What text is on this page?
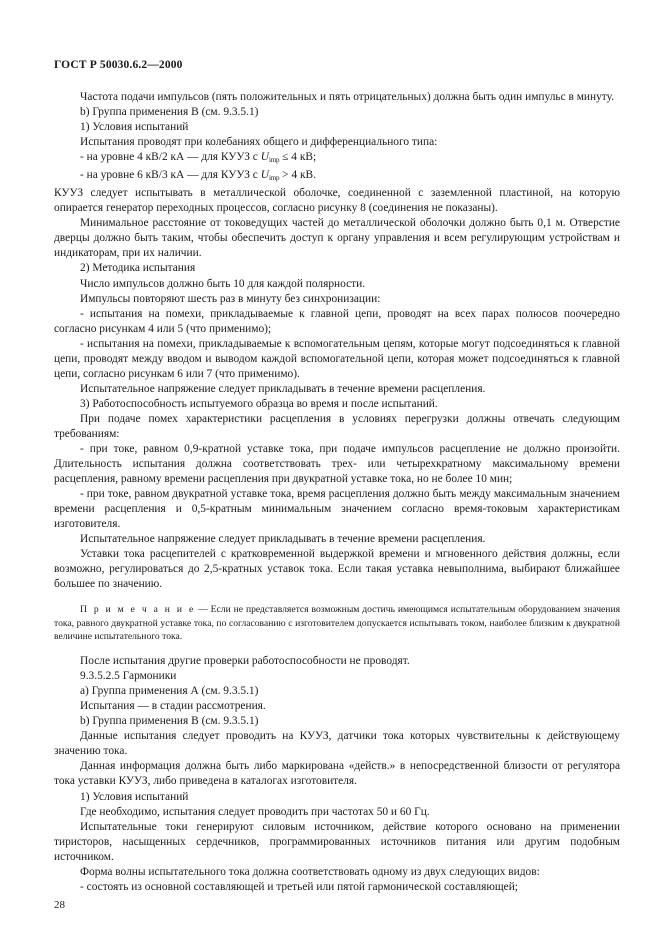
ГОСТ Р 50030.6.2—2000

Частота подачи импульсов (пять положительных и пять отрицательных) должна быть один импульс в минуту.

b) Группа применения В (см. 9.3.5.1)

1) Условия испытаний

Испытания проводят при колебаниях общего и дифференциального типа:

- на уровне 4 кВ/2 кА — для КУУЗ с $U_{imp} \le 4$ кВ;

- на уровне 6 кВ/3 кА — для КУУЗ с $U_{imp} > 4$ кВ.

КУУЗ следует испытывать в металлической оболочке, соединенной с заземленной пластиной, на которую опирается генератор переходных процессов, согласно рисунку 8 (соединения не показаны).

Минимальное расстояние от токоведущих частей до металлической оболочки должно быть 0,1 м. Отверстие дверцы должно быть таким, чтобы обеспечить доступ к органу управления и всем регулирующим устройствам и индикаторам, при их наличии.

2) Методика испытания

Число импульсов должно быть 10 для каждой полярности.

Импульсы повторяют шесть раз в минуту без синхронизации:

- испытания на помехи, прикладываемые к главной цепи, проводят на всех парах полюсов поочередно согласно рисункам 4 или 5 (что применимо);

- испытания на помехи, прикладываемые к вспомогательным цепям, которые могут подсоединяться к главной цепи, проводят между вводом и выводом каждой вспомогательной цепи, которая может подсоединяться к главной цепи, согласно рисункам 6 или 7 (что применимо).

Испытательное напряжение следует прикладывать в течение времени расцепления.

3) Работоспособность испытуемого образца во время и после испытаний.

При подаче помех характеристики расцепления в условиях перегрузки должны отвечать следующим требованиям:

- при токе, равном 0,9-кратной уставке тока, при подаче импульсов расцепление не должно произойти. Длительность испытания должна соответствовать трех- или четырехкратному максимальному времени расцепления, равному времени расцепления при двукратной уставке тока, но не более 10 мин;

- при токе, равном двукратной уставке тока, время расцепления должно быть между максимальным значением времени расцепления и 0,5-кратным минимальным значением согласно время-токовым характеристикам изготовителя.

Испытательное напряжение следует прикладывать в течение времени расцепления.

Уставки тока расцепителей с кратковременной выдержкой времени и мгновенного действия должны, если возможно, регулироваться до 2,5-кратных уставок тока. Если такая уставка невыполнима, выбирают ближайшее большее по значению.

П р и м е ч а н и е — Если не представляется возможным достичь имеющимся испытательным оборудованием значения тока, равного двукратной уставке тока, по согласованию с изготовителем допускается испытывать током, наиболее близким к двукратной величине испытательного тока.

После испытания другие проверки работоспособности не проводят.

9.3.5.2.5 Гармоники

a) Группа применения А (см. 9.3.5.1)

Испытания — в стадии рассмотрения.

b) Группа применения В (см. 9.3.5.1)

Данные испытания следует проводить на КУУЗ, датчики тока которых чувствительны к действующему значению тока.

Данная информация должна быть либо маркирована «действ.» в непосредственной близости от регулятора тока уставки КУУЗ, либо приведена в каталогах изготовителя.

1) Условия испытаний

Где необходимо, испытания следует проводить при частотах 50 и 60 Гц.

Испытательные токи генерируют силовым источником, действие которого основано на применении тиристоров, насыщенных сердечников, программированных источников питания или другим подобным источником.

Форма волны испытательного тока должна соответствовать одному из двух следующих видов:

- состоять из основной составляющей и третьей или пятой гармонической составляющей;

28
